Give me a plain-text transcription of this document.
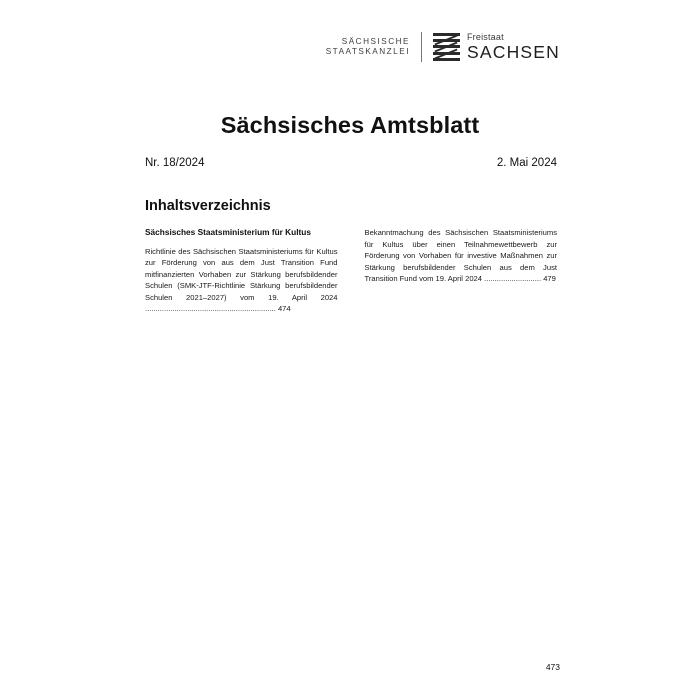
SÄCHSISCHE
STAATSKANZLEI
Freistaat
SACHSEN
Sächsisches Amtsblatt
Nr. 18/2024	2. Mai 2024
Inhaltsverzeichnis
Sächsisches Staatsministerium für Kultus
Richtlinie des Sächsischen Staatsministeriums für Kultus zur Förderung von aus dem Just Transition Fund mitfinanzierten Vorhaben zur Stärkung berufsbildender Schulen (SMK-JTF-Richtlinie Stärkung berufsbildender Schulen 2021–2027) vom 19. April 2024 .............................................................. 474
Bekanntmachung des Sächsischen Staatsministeriums für Kultus über einen Teilnahmewettbewerb zur Förderung von Vorhaben für investive Maßnahmen zur Stärkung berufsbildender Schulen aus dem Just Transition Fund vom 19. April 2024 ........................... 479
473
